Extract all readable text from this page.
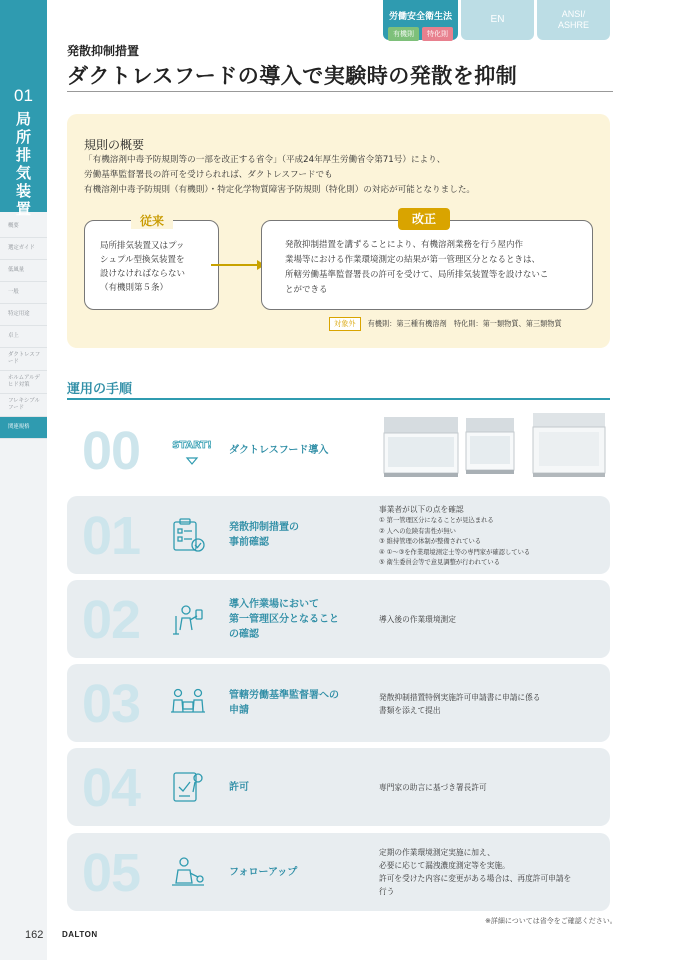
01
局
所
排
気
装
置
概要
選定ガイド
低風量
一般
特定用途
卓上
ダクトレスフード
ホルムアルデヒド対策
フレキシブルフード
関連規格
労働安全衛生法
有機則	特化則
EN	ANSI/
ASHRE
発散抑制措置
ダクトレスフードの導入で実験時の発散を抑制
規則の概要
「有機溶剤中毒予防規則等の一部を改正する省令」（平成24年厚生労働省令第71号）により、
労働基準監督署長の許可を受けられれば、ダクトレスフードでも
有機溶剤中毒予防規則（有機則）・特定化学物質障害予防規則（特化則）の対応が可能となりました。
従来
局所排気装置又はプッ
シュプル型換気装置を
設けなければならない
（有機則第５条）
改正
発散抑制措置を講ずることにより、有機溶剤業務を行う屋内作
業場等における作業環境測定の結果が第一管理区分となるときは、
所轄労働基準監督署長の許可を受けて、局所排気装置等を設けないこ
とができる
対象外	有機則：第三種有機溶剤　特化則：第一類物質、第三類物質
運用の手順
00	START! ダクトレスフード導入
01	発散抑制措置の
事前確認
事業者が以下の点を確認
① 第一管理区分になることが見込まれる
② 人への危険有害性が無い
③ 維持管理の体制が整備されている
④ ①〜③を作業環境測定士等の専門家が確認している
⑤ 衛生委員会等で意見調整が行われている
02	導入作業場において
第一管理区分となること
の確認
導入後の作業環境測定
03	管轄労働基準監督署への
申請
発散抑制措置特例実施許可申請書に申請に係る
書類を添えて提出
04	許可	専門家の助言に基づき署長許可
05	フォローアップ
定期の作業環境測定実施に加え、
必要に応じて漏洩濃度測定等を実施。
許可を受けた内容に変更がある場合は、再度許可申請を
行う
※詳細については省令をご確認ください。
162 DALTON
